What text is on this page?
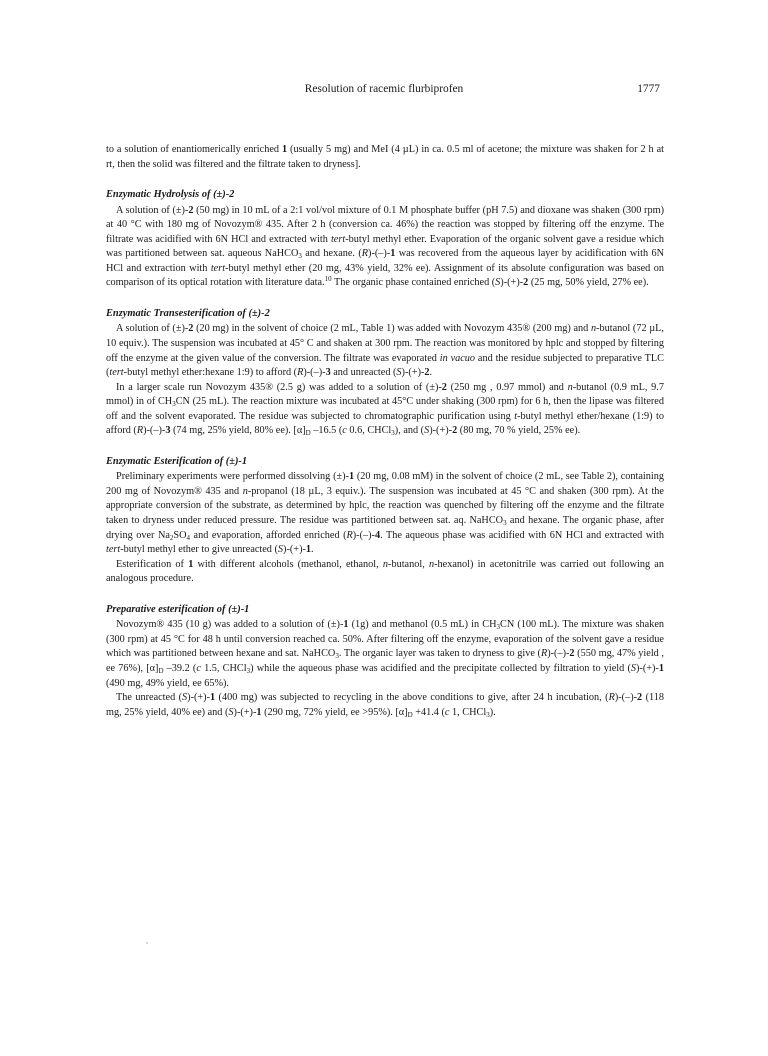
Resolution of racemic flurbiprofen	1777

to a solution of enantiomerically enriched 1 (usually 5 mg) and MeI (4 µL) in ca. 0.5 ml of acetone; the mixture was shaken for 2 h at rt, then the solid was filtered and the filtrate taken to dryness].

Enzymatic Hydrolysis of (±)-2

A solution of (±)-2 (50 mg) in 10 mL of a 2:1 vol/vol mixture of 0.1 M phosphate buffer (pH 7.5) and dioxane was shaken (300 rpm) at 40 °C with 180 mg of Novozym® 435. After 2 h (conversion ca. 46%) the reaction was stopped by filtering off the enzyme. The filtrate was acidified with 6N HCl and extracted with tert-butyl methyl ether. Evaporation of the organic solvent gave a residue which was partitioned between sat. aqueous NaHCO$_3$ and hexane. (R)-(–)-1 was recovered from the aqueous layer by acidification with 6N HCl and extraction with tert-butyl methyl ether (20 mg, 43% yield, 32% ee). Assignment of its absolute configuration was based on comparison of its optical rotation with literature data.$^{10}$ The organic phase contained enriched (S)-(+)-2 (25 mg, 50% yield, 27% ee).

Enzymatic Transesterification of (±)-2

A solution of (±)-2 (20 mg) in the solvent of choice (2 mL, Table 1) was added with Novozym 435® (200 mg) and n-butanol (72 µL, 10 equiv.). The suspension was incubated at 45° C and shaken at 300 rpm. The reaction was monitored by hplc and stopped by filtering off the enzyme at the given value of the conversion. The filtrate was evaporated in vacuo and the residue subjected to preparative TLC (tert-butyl methyl ether:hexane 1:9) to afford (R)-(–)-3 and unreacted (S)-(+)-2.

In a larger scale run Novozym 435® (2.5 g) was added to a solution of (±)-2 (250 mg , 0.97 mmol) and n-butanol (0.9 mL, 9.7 mmol) in of $CH_3CN$ (25 mL). The reaction mixture was incubated at 45°C under shaking (300 rpm) for 6 h, then the lipase was filtered off and the solvent evaporated. The residue was subjected to chromatographic purification using t-butyl methyl ether/hexane (1:9) to afford (R)-(–)-3 (74 mg, 25% yield, 80% ee). $[\alpha]_D$ –16.5 (c 0.6, CHCl$_3$), and (S)-(+)-2 (80 mg, 70 % yield, 25% ee).

Enzymatic Esterification of (±)-1

Preliminary experiments were performed dissolving (±)-1 (20 mg, 0.08 mM) in the solvent of choice (2 mL, see Table 2), containing 200 mg of Novozym® 435 and n-propanol (18 µL, 3 equiv.). The suspension was incubated at 45 °C and shaken (300 rpm). At the appropriate conversion of the substrate, as determined by hplc, the reaction was quenched by filtering off the enzyme and the filtrate taken to dryness under reduced pressure. The residue was partitioned between sat. aq. NaHCO$_3$ and hexane. The organic phase, after drying over $Na_2SO_4$ and evaporation, afforded enriched (R)-(–)-4. The aqueous phase was acidified with 6N HCl and extracted with tert-butyl methyl ether to give unreacted (S)-(+)-1.

Esterification of 1 with different alcohols (methanol, ethanol, n-butanol, n-hexanol) in acetonitrile was carried out following an analogous procedure.

Preparative esterification of (±)-1

Novozym® 435 (10 g) was added to a solution of (±)-1 (1g) and methanol (0.5 mL) in $CH_3CN$ (100 mL). The mixture was shaken (300 rpm) at 45 °C for 48 h until conversion reached ca. 50%. After filtering off the enzyme, evaporation of the solvent gave a residue which was partitioned between hexane and sat. NaHCO$_3$. The organic layer was taken to dryness to give (R)-(–)-2 (550 mg, 47% yield , ee 76%), $[\alpha]_D$ –39.2 (c 1.5, CHCl$_3$) while the aqueous phase was acidified and the precipitate collected by filtration to yield (S)-(+)-1 (490 mg, 49% yield, ee 65%).

The unreacted (S)-(+)-1 (400 mg) was subjected to recycling in the above conditions to give, after 24 h incubation, (R)-(–)-2 (118 mg, 25% yield, 40% ee) and (S)-(+)-1 (290 mg, 72% yield, ee >95%). $[\alpha]_D +41.4$ (c 1, CHCl$_3$).
